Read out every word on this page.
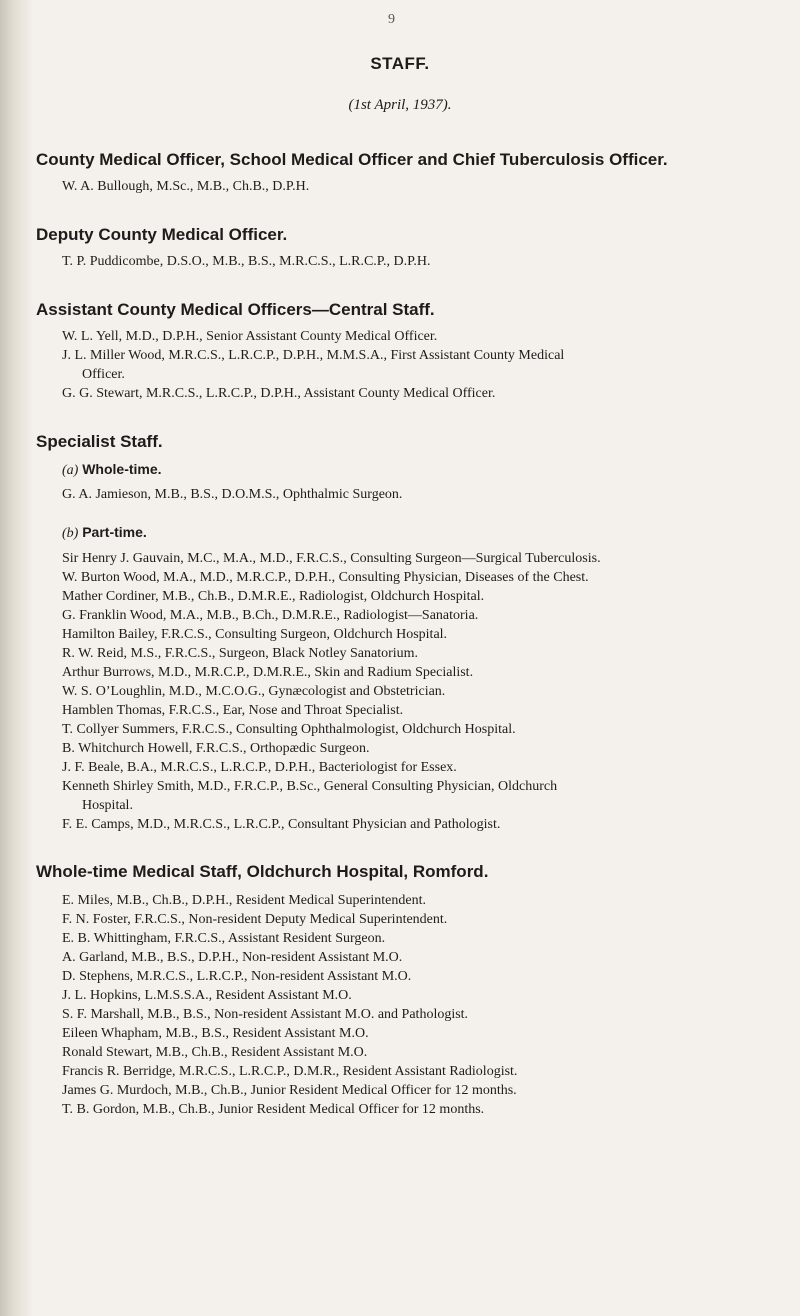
9
STAFF.
(1st April, 1937).
County Medical Officer, School Medical Officer and Chief Tuberculosis Officer.
W. A. Bullough, M.Sc., M.B., Ch.B., D.P.H.
Deputy County Medical Officer.
T. P. Puddicombe, D.S.O., M.B., B.S., M.R.C.S., L.R.C.P., D.P.H.
Assistant County Medical Officers—Central Staff.
W. L. Yell, M.D., D.P.H., Senior Assistant County Medical Officer.
J. L. Miller Wood, M.R.C.S., L.R.C.P., D.P.H., M.M.S.A., First Assistant County Medical
Officer.
G. G. Stewart, M.R.C.S., L.R.C.P., D.P.H., Assistant County Medical Officer.
Specialist Staff.
(a) Whole-time.
G. A. Jamieson, M.B., B.S., D.O.M.S., Ophthalmic Surgeon.
(b) Part-time.
Sir Henry J. Gauvain, M.C., M.A., M.D., F.R.C.S., Consulting Surgeon—Surgical Tuberculosis.
W. Burton Wood, M.A., M.D., M.R.C.P., D.P.H., Consulting Physician, Diseases of the Chest.
Mather Cordiner, M.B., Ch.B., D.M.R.E., Radiologist, Oldchurch Hospital.
G. Franklin Wood, M.A., M.B., B.Ch., D.M.R.E., Radiologist—Sanatoria.
Hamilton Bailey, F.R.C.S., Consulting Surgeon, Oldchurch Hospital.
R. W. Reid, M.S., F.R.C.S., Surgeon, Black Notley Sanatorium.
Arthur Burrows, M.D., M.R.C.P., D.M.R.E., Skin and Radium Specialist.
W. S. O’Loughlin, M.D., M.C.O.G., Gynæcologist and Obstetrician.
Hamblen Thomas, F.R.C.S., Ear, Nose and Throat Specialist.
T. Collyer Summers, F.R.C.S., Consulting Ophthalmologist, Oldchurch Hospital.
B. Whitchurch Howell, F.R.C.S., Orthopædic Surgeon.
J. F. Beale, B.A., M.R.C.S., L.R.C.P., D.P.H., Bacteriologist for Essex.
Kenneth Shirley Smith, M.D., F.R.C.P., B.Sc., General Consulting Physician, Oldchurch
Hospital.
F. E. Camps, M.D., M.R.C.S., L.R.C.P., Consultant Physician and Pathologist.
Whole-time Medical Staff, Oldchurch Hospital, Romford.
E. Miles, M.B., Ch.B., D.P.H., Resident Medical Superintendent.
F. N. Foster, F.R.C.S., Non-resident Deputy Medical Superintendent.
E. B. Whittingham, F.R.C.S., Assistant Resident Surgeon.
A. Garland, M.B., B.S., D.P.H., Non-resident Assistant M.O.
D. Stephens, M.R.C.S., L.R.C.P., Non-resident Assistant M.O.
J. L. Hopkins, L.M.S.S.A., Resident Assistant M.O.
S. F. Marshall, M.B., B.S., Non-resident Assistant M.O. and Pathologist.
Eileen Whapham, M.B., B.S., Resident Assistant M.O.
Ronald Stewart, M.B., Ch.B., Resident Assistant M.O.
Francis R. Berridge, M.R.C.S., L.R.C.P., D.M.R., Resident Assistant Radiologist.
James G. Murdoch, M.B., Ch.B., Junior Resident Medical Officer for 12 months.
T. B. Gordon, M.B., Ch.B., Junior Resident Medical Officer for 12 months.
